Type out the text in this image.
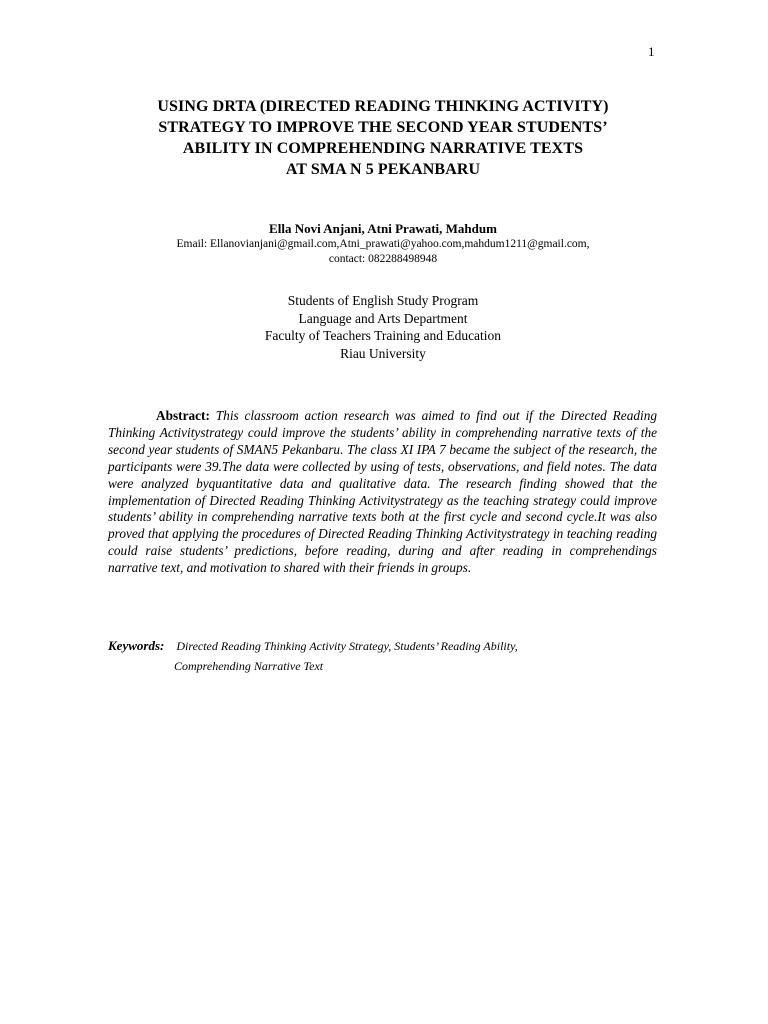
1
USING DRTA (DIRECTED READING THINKING ACTIVITY)
STRATEGY TO IMPROVE THE SECOND YEAR STUDENTS’
ABILITY IN COMPREHENDING NARRATIVE TEXTS
AT SMA N 5 PEKANBARU
Ella Novi Anjani, Atni Prawati, Mahdum
Email: Ellanovianjani@gmail.com,Atni_prawati@yahoo.com,mahdum1211@gmail.com,
contact: 082288498948
Students of English Study Program
Language and Arts Department
Faculty of Teachers Training and Education
Riau University
Abstract: This classroom action research was aimed to find out if the Directed Reading Thinking Activitystrategy could improve the students’ ability in comprehending narrative texts of the second year students of SMAN5 Pekanbaru. The class XI IPA 7 became the subject of the research, the participants were 39.The data were collected by using of tests, observations, and field notes. The data were analyzed byquantitative data and qualitative data. The research finding showed that the implementation of Directed Reading Thinking Activitystrategy as the teaching strategy could improve students’ ability in comprehending narrative texts both at the first cycle and second cycle.It was also proved that applying the procedures of Directed Reading Thinking Activitystrategy in teaching reading could raise students’ predictions, before reading, during and after reading in comprehendings narrative text, and motivation to shared with their friends in groups.
Keywords: Directed Reading Thinking Activity Strategy, Students’ Reading Ability,
Comprehending Narrative Text
